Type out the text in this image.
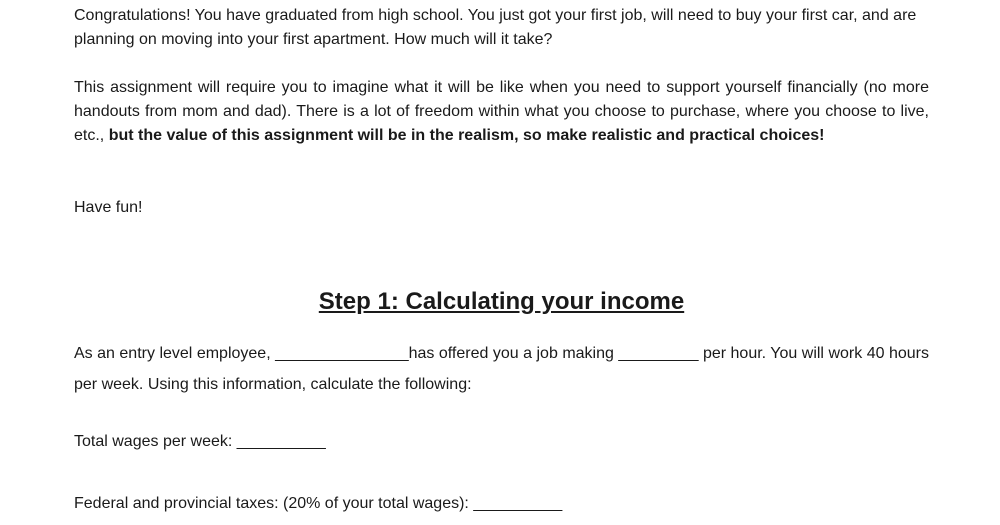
Congratulations! You have graduated from high school. You just got your first job, will need to buy your first car, and are planning on moving into your first apartment. How much will it take?

This assignment will require you to imagine what it will be like when you need to support yourself financially (no more handouts from mom and dad). There is a lot of freedom within what you choose to purchase, where you choose to live, etc., but the value of this assignment will be in the realism, so make realistic and practical choices!

Have fun!

Step 1: Calculating your income

As an entry level employee, _______________has offered you a job making _________ per hour. You will work 40 hours per week. Using this information, calculate the following:

Total wages per week: __________

Federal and provincial taxes: (20% of your total wages): __________
